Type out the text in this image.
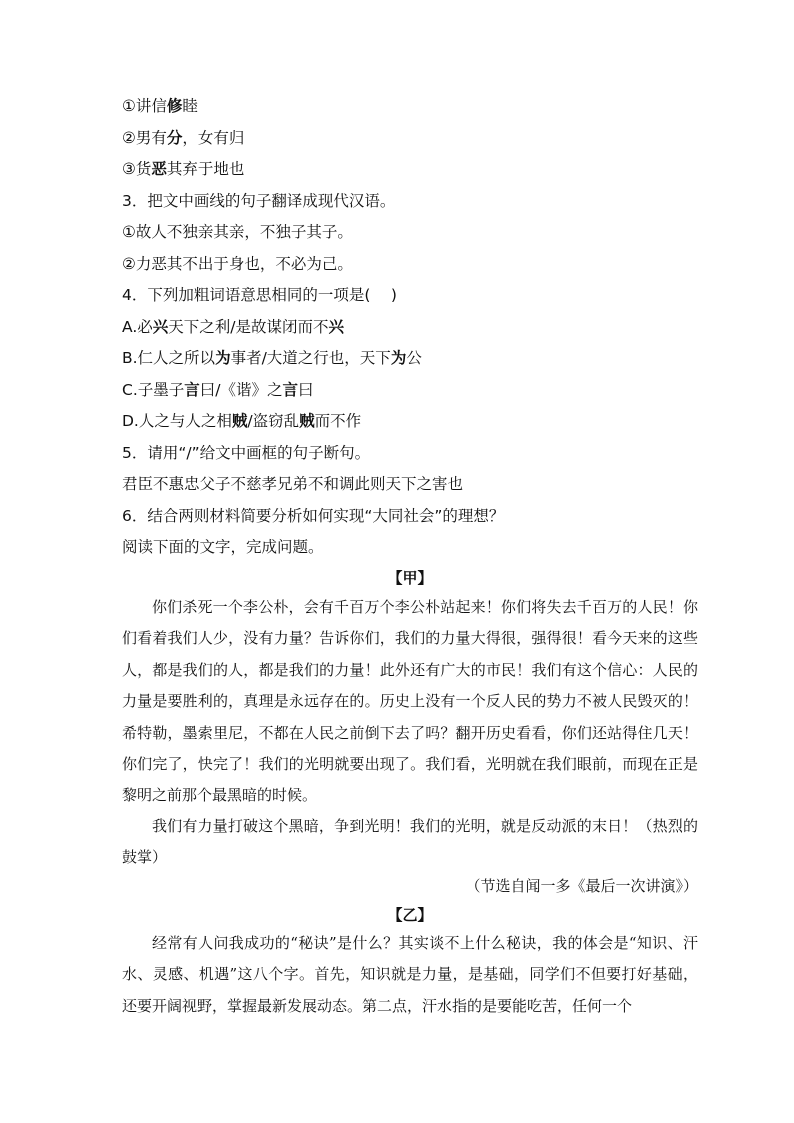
①讲信修睦
②男有分，女有归
③货恶其弃于地也
3．把文中画线的句子翻译成现代汉语。
①故人不独亲其亲，不独子其子。
②力恶其不出于身也，不必为己。
4．下列加粗词语意思相同的一项是(　 )
A.必兴天下之利/是故谋闭而不兴
B.仁人之所以为事者/大道之行也，天下为公
C.子墨子言曰/《谐》之言曰
D.人之与人之相贼/盗窃乱贼而不作
5．请用“/”给文中画框的句子断句。
君臣不惠忠父子不慈孝兄弟不和调此则天下之害也
6．结合两则材料简要分析如何实现“大同社会”的理想？
阅读下面的文字，完成问题。
【甲】

你们杀死一个李公朴，会有千百万个李公朴站起来！你们将失去千百万的人民！你们看着我们人少，没有力量？告诉你们，我们的力量大得很，强得很！看今天来的这些人，都是我们的人，都是我们的力量！此外还有广大的市民！我们有这个信心：人民的力量是要胜利的，真理是永远存在的。历史上没有一个反人民的势力不被人民毁灭的！希特勒，墨索里尼，不都在人民之前倒下去了吗？翻开历史看看，你们还站得住几天！你们完了，快完了！我们的光明就要出现了。我们看，光明就在我们眼前，而现在正是黎明之前那个最黑暗的时候。

我们有力量打破这个黑暗，争到光明！我们的光明，就是反动派的末日！（热烈的鼓掌）

（节选自闻一多《最后一次讲演》）
【乙】

经常有人问我成功的“秘诀”是什么？其实谈不上什么秘诀，我的体会是“知识、汗水、灵感、机遇”这八个字。首先，知识就是力量，是基础，同学们不但要打好基础，还要开阔视野，掌握最新发展动态。第二点，汗水指的是要能吃苦，任何一个
